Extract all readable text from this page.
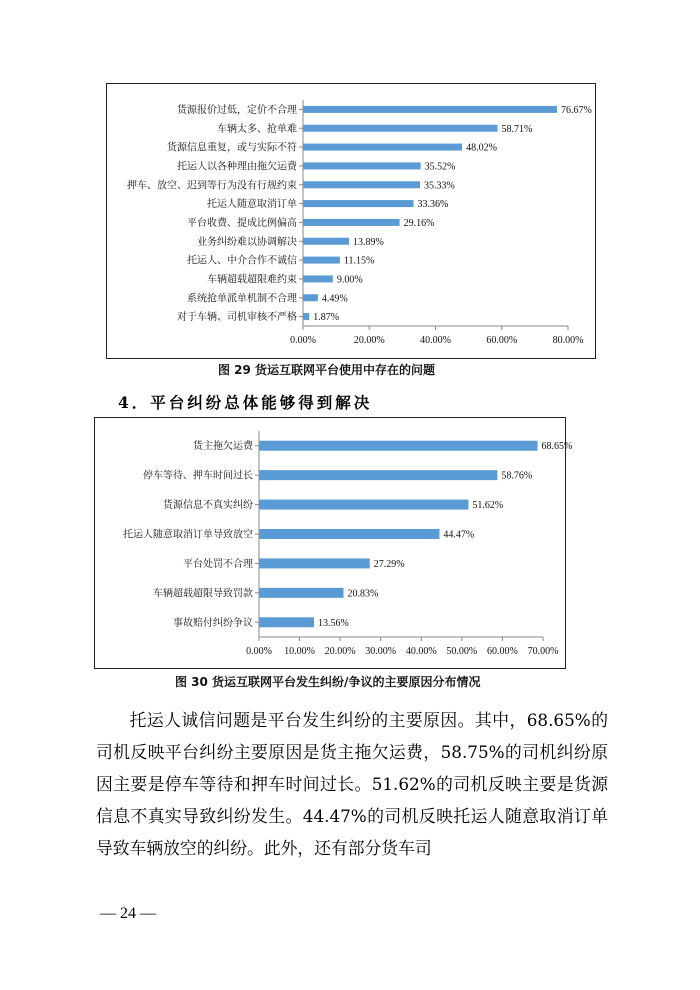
货源报价过低，定价不合理	76.67%
车辆太多、抢单难	58.71%
货源信息重复，或与实际不符	48.02%
托运人以各种理由拖欠运费	35.52%
押车、放空、迟到等行为没有行规约束	35.33%
托运人随意取消订单	33.36%
平台收费、提成比例偏高	29.16%
业务纠纷难以协调解决	13.89%
托运人、中介合作不诚信	11.15%
车辆超载超限难约束	9.00%
系统抢单派单机制不合理 4.49%
对于车辆、司机审核不严格 1.87%
0.00%	20.00%	40.00%	60.00%	80.00%
图 29 货运互联网平台使用中存在的问题
4．平台纠纷总体能够得到解决
货主拖欠运费	68.65%
停车等待、押车时间过长	58.76%
货源信息不真实纠纷	51.62%
托运人随意取消订单导致放空	44.47%
平台处罚不合理	27.29%
车辆超载超限导致罚款	20.83%
事故赔付纠纷争议	13.56%
0.00% 10.00% 20.00% 30.00% 40.00% 50.00% 60.00% 70.00%
图 30 货运互联网平台发生纠纷/争议的主要原因分布情况

托运人诚信问题是平台发生纠纷的主要原因。其中，68.65%的司机反映平台纠纷主要原因是货主拖欠运费，58.75%的司机纠纷原因主要是停车等待和押车时间过长。51.62%的司机反映主要是货源信息不真实导致纠纷发生。44.47%的司机反映托运人随意取消订单导致车辆放空的纠纷。此外，还有部分货车司

— 24 —
